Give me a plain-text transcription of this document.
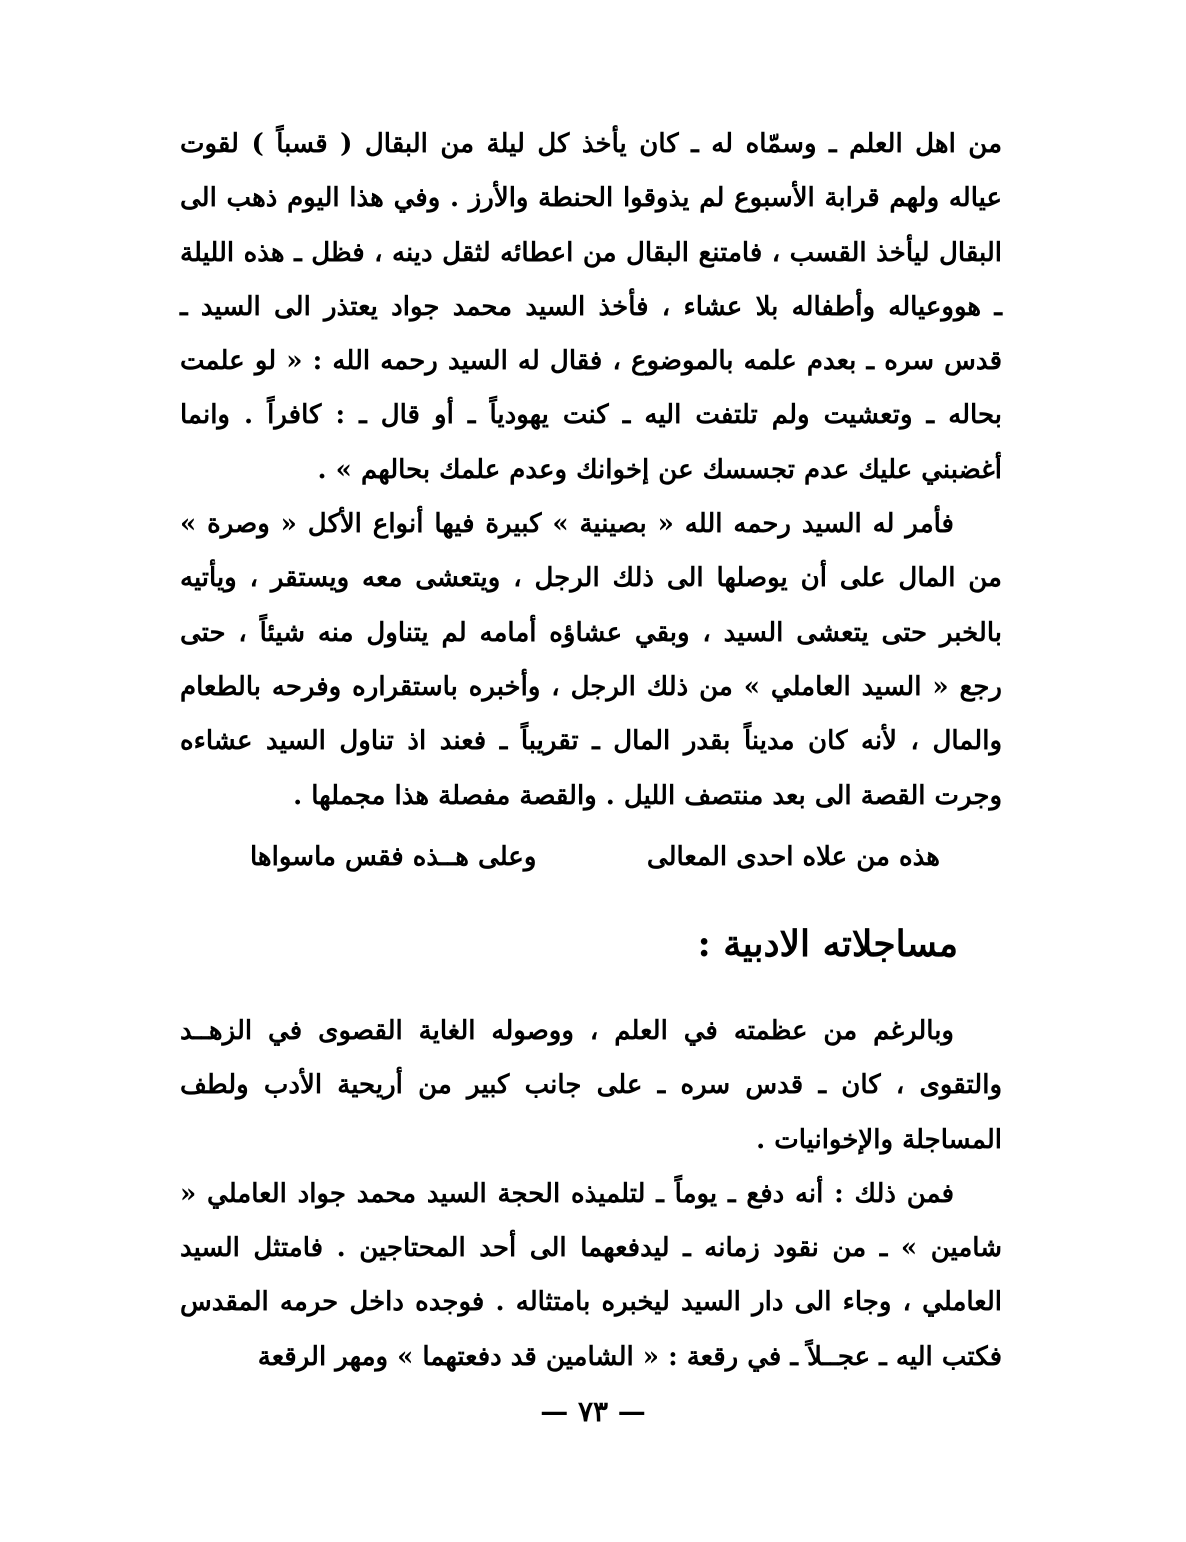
من اهل العلم ـ وسمّاه له ـ كان يأخذ كل ليلة من البقال ( قسباً ) لقوت عياله ولهم قرابة الأسبوع لم يذوقوا الحنطة والأرز . وفي هذا اليوم ذهب الى البقال ليأخذ القسب ، فامتنع البقال من اعطائه لثقل دينه ، فظل ـ هذه الليلة ـ هووعياله وأطفاله بلا عشاء ، فأخذ السيد محمد جواد يعتذر الى السيد ـ قدس سره ـ بعدم علمه بالموضوع ، فقال له السيد رحمه الله : « لو علمت بحاله ـ وتعشيت ولم تلتفت اليه ـ كنت يهودياً ـ أو قال ـ : كافراً . وانما أغضبني عليك عدم تجسسك عن إخوانك وعدم علمك بحالهم » .

فأمر له السيد رحمه الله « بصينية » كبيرة فيها أنواع الأكل « وصرة » من المال على أن يوصلها الى ذلك الرجل ، ويتعشى معه ويستقر ، ويأتيه بالخبر حتى يتعشى السيد ، وبقي عشاؤه أمامه لم يتناول منه شيئاً ، حتى رجع « السيد العاملي » من ذلك الرجل ، وأخبره باستقراره وفرحه بالطعام والمال ، لأنه كان مديناً بقدر المال ـ تقريباً ـ فعند اذ تناول السيد عشاءه وجرت القصة الى بعد منتصف الليل . والقصة مفصلة هذا مجملها .

هذه من علاه احدى المعالى
وعلى هــذه فقس ماسواها
مساجلاته الادبية :

وبالرغم من عظمته في العلم ، ووصوله الغاية القصوى في الزهــد والتقوى ، كان ـ قدس سره ـ على جانب كبير من أريحية الأدب ولطف المساجلة والإخوانيات .

فمن ذلك : أنه دفع ـ يوماً ـ لتلميذه الحجة السيد محمد جواد العاملي « شامين » ـ من نقود زمانه ـ ليدفعهما الى أحد المحتاجين . فامتثل السيد العاملي ، وجاء الى دار السيد ليخبره بامتثاله . فوجده داخل حرمه المقدس فكتب اليه ـ عجــلاً ـ في رقعة : « الشامين قد دفعتهما » ومهر الرقعة

— ٧٣ —
